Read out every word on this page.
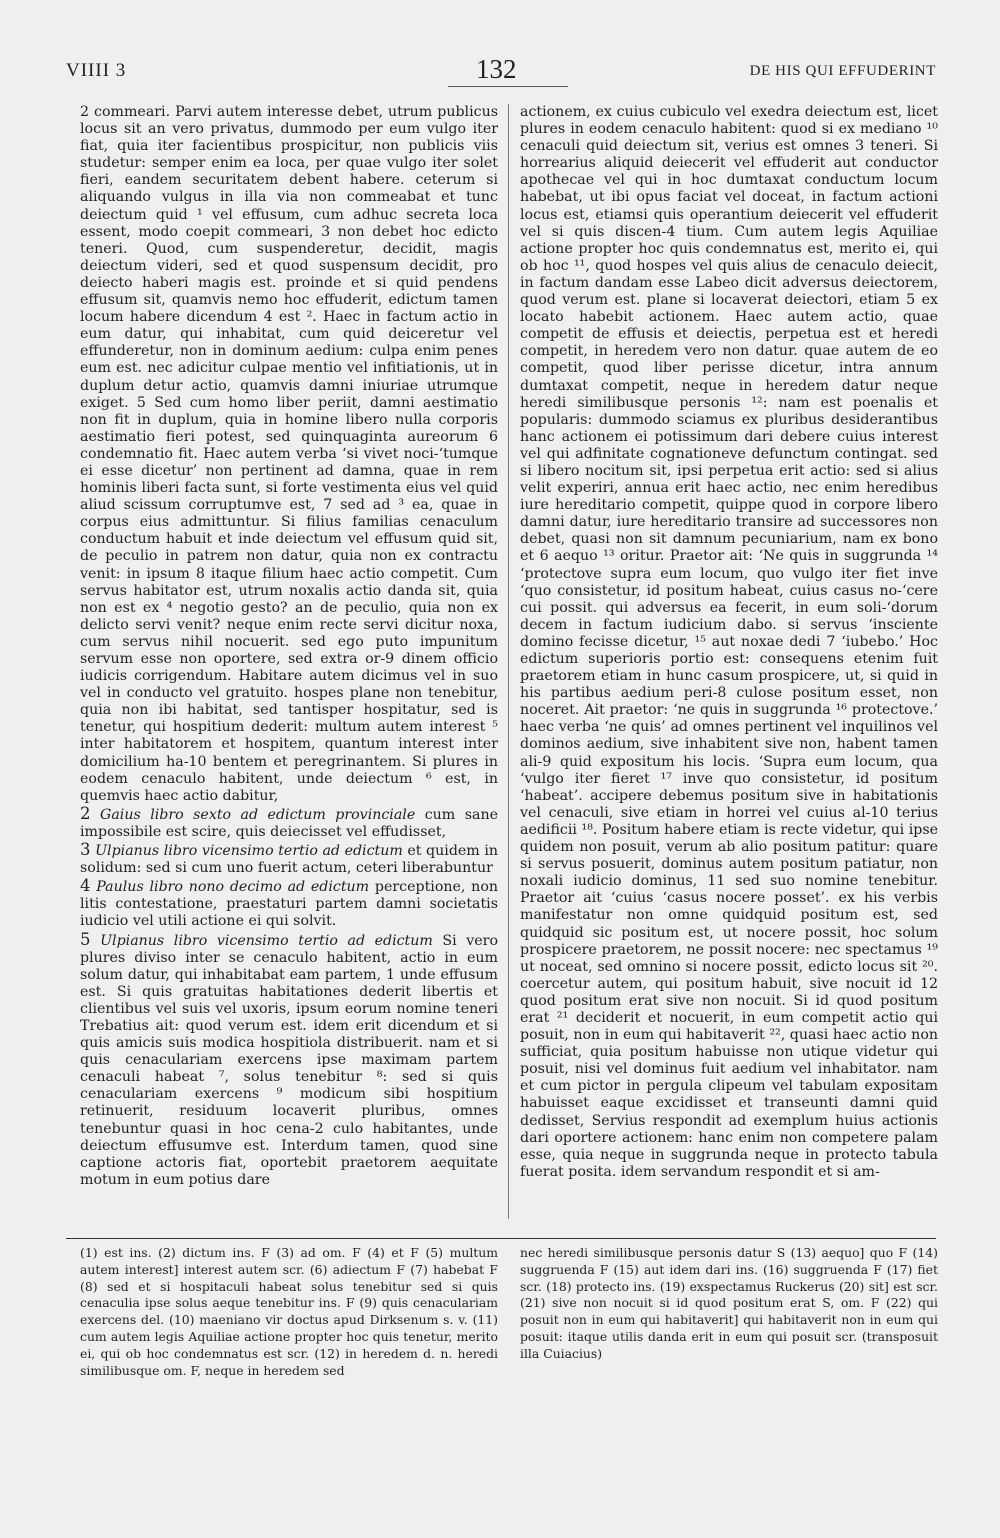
VIIII 3	132	DE HIS QUI EFFUDERINT

2 commeari. Parvi autem interesse debet, utrum publicus locus sit an vero privatus, dummodo per eum vulgo iter fiat, quia iter facientibus prospicitur, non publicis viis studetur: semper enim ea loca, per quae vulgo iter solet fieri, eandem securitatem debent habere. ceterum si aliquando vulgus in illa via non commeabat et tunc deiectum quid ¹ vel effusum, cum adhuc secreta loca essent, modo coepit commeari, 3 non debet hoc edicto teneri. Quod, cum suspenderetur, decidit, magis deiectum videri, sed et quod suspensum decidit, pro deiecto haberi magis est. proinde et si quid pendens effusum sit, quamvis nemo hoc effuderit, edictum tamen locum habere dicendum 4 est ². Haec in factum actio in eum datur, qui inhabitat, cum quid deiceretur vel effunderetur, non in dominum aedium: culpa enim penes eum est. nec adicitur culpae mentio vel infitiationis, ut in duplum detur actio, quamvis damni iniuriae utrumque exiget. 5 Sed cum homo liber periit, damni aestimatio non fit in duplum, quia in homine libero nulla corporis aestimatio fieri potest, sed quinquaginta aureorum 6 condemnatio fit. Haec autem verba ‘si vivet noci-‘tumque ei esse dicetur’ non pertinent ad damna, quae in rem hominis liberi facta sunt, si forte vestimenta eius vel quid aliud scissum corruptumve est, 7 sed ad ³ ea, quae in corpus eius admittuntur. Si filius familias cenaculum conductum habuit et inde deiectum vel effusum quid sit, de peculio in patrem non datur, quia non ex contractu venit: in ipsum 8 itaque filium haec actio competit. Cum servus habitator est, utrum noxalis actio danda sit, quia non est ex ⁴ negotio gesto? an de peculio, quia non ex delicto servi venit? neque enim recte servi dicitur noxa, cum servus nihil nocuerit. sed ego puto impunitum servum esse non oportere, sed extra or-9 dinem officio iudicis corrigendum. Habitare autem dicimus vel in suo vel in conducto vel gratuito. hospes plane non tenebitur, quia non ibi habitat, sed tantisper hospitatur, sed is tenetur, qui hospitium dederit: multum autem interest ⁵ inter habitatorem et hospitem, quantum interest inter domicilium ha-10 bentem et peregrinantem. Si plures in eodem cenaculo habitent, unde deiectum ⁶ est, in quemvis haec actio dabitur,

2 Gaius libro sexto ad edictum provinciale cum sane impossibile est scire, quis deiecisset vel effudisset,

3 Ulpianus libro vicensimo tertio ad edictum et quidem in solidum: sed si cum uno fuerit actum, ceteri liberabuntur

4 Paulus libro nono decimo ad edictum perceptione, non litis contestatione, praestaturi partem damni societatis iudicio vel utili actione ei qui solvit.

5 Ulpianus libro vicensimo tertio ad edictum Si vero plures diviso inter se cenaculo habitent, actio in eum solum datur, qui inhabitabat eam partem, 1 unde effusum est. Si quis gratuitas habitationes dederit libertis et clientibus vel suis vel uxoris, ipsum eorum nomine teneri Trebatius ait: quod verum est. idem erit dicendum et si quis amicis suis modica hospitiola distribuerit. nam et si quis cenaculariam exercens ipse maximam partem cenaculi habeat ⁷, solus tenebitur ⁸: sed si quis cenaculariam exercens ⁹ modicum sibi hospitium retinuerit, residuum locaverit pluribus, omnes tenebuntur quasi in hoc cena-2 culo habitantes, unde deiectum effusumve est. Interdum tamen, quod sine captione actoris fiat, oportebit praetorem aequitate motum in eum potius dare

actionem, ex cuius cubiculo vel exedra deiectum est, licet plures in eodem cenaculo habitent: quod si ex mediano ¹⁰ cenaculi quid deiectum sit, verius est omnes 3 teneri. Si horrearius aliquid deiecerit vel effuderit aut conductor apothecae vel qui in hoc dumtaxat conductum locum habebat, ut ibi opus faciat vel doceat, in factum actioni locus est, etiamsi quis operantium deiecerit vel effuderit vel si quis discen-4 tium. Cum autem legis Aquiliae actione propter hoc quis condemnatus est, merito ei, qui ob hoc ¹¹, quod hospes vel quis alius de cenaculo deiecit, in factum dandam esse Labeo dicit adversus deiectorem, quod verum est. plane si locaverat deiectori, etiam 5 ex locato habebit actionem. Haec autem actio, quae competit de effusis et deiectis, perpetua est et heredi competit, in heredem vero non datur. quae autem de eo competit, quod liber perisse dicetur, intra annum dumtaxat competit, neque in heredem datur neque heredi similibusque personis ¹²: nam est poenalis et popularis: dummodo sciamus ex pluribus desiderantibus hanc actionem ei potissimum dari debere cuius interest vel qui adfinitate cognationeve defunctum contingat. sed si libero nocitum sit, ipsi perpetua erit actio: sed si alius velit experiri, annua erit haec actio, nec enim heredibus iure hereditario competit, quippe quod in corpore libero damni datur, iure hereditario transire ad successores non debet, quasi non sit damnum pecuniarium, nam ex bono et 6 aequo ¹³ oritur. Praetor ait: ‘Ne quis in suggrunda ¹⁴ ‘protectove supra eum locum, quo vulgo iter fiet inve ‘quo consistetur, id positum habeat, cuius casus no-‘cere cui possit. qui adversus ea fecerit, in eum soli-‘dorum decem in factum iudicium dabo. si servus ‘insciente domino fecisse dicetur, ¹⁵ aut noxae dedi 7 ‘iubebo.’ Hoc edictum superioris portio est: consequens etenim fuit praetorem etiam in hunc casum prospicere, ut, si quid in his partibus aedium peri-8 culose positum esset, non noceret. Ait praetor: ‘ne quis in suggrunda ¹⁶ protectove.’ haec verba ‘ne quis’ ad omnes pertinent vel inquilinos vel dominos aedium, sive inhabitent sive non, habent tamen ali-9 quid expositum his locis. ‘Supra eum locum, qua ‘vulgo iter fieret ¹⁷ inve quo consistetur, id positum ‘habeat’. accipere debemus positum sive in habitationis vel cenaculi, sive etiam in horrei vel cuius al-10 terius aedificii ¹⁸. Positum habere etiam is recte videtur, qui ipse quidem non posuit, verum ab alio positum patitur: quare si servus posuerit, dominus autem positum patiatur, non noxali iudicio dominus, 11 sed suo nomine tenebitur. Praetor ait ‘cuius ‘casus nocere posset’. ex his verbis manifestatur non omne quidquid positum est, sed quidquid sic positum est, ut nocere possit, hoc solum prospicere praetorem, ne possit nocere: nec spectamus ¹⁹ ut noceat, sed omnino si nocere possit, edicto locus sit ²⁰. coercetur autem, qui positum habuit, sive nocuit id 12 quod positum erat sive non nocuit. Si id quod positum erat ²¹ deciderit et nocuerit, in eum competit actio qui posuit, non in eum qui habitaverit ²², quasi haec actio non sufficiat, quia positum habuisse non utique videtur qui posuit, nisi vel dominus fuit aedium vel inhabitator. nam et cum pictor in pergula clipeum vel tabulam expositam habuisset eaque excidisset et transeunti damni quid dedisset, Servius respondit ad exemplum huius actionis dari oportere actionem: hanc enim non competere palam esse, quia neque in suggrunda neque in protecto tabula fuerat posita. idem servandum respondit et si am-

(1) est ins. (2) dictum ins. F (3) ad om. F (4) et F (5) multum autem interest] interest autem scr. (6) adiectum F (7) habebat F (8) sed et si hospitaculi habeat solus tenebitur sed si quis cenaculia ipse solus aeque tenebitur ins. F (9) quis cenaculariam exercens del. (10) maeniano vir doctus apud Dirksenum s. v. (11) cum autem legis Aquiliae actione propter hoc quis tenetur, merito ei, qui ob hoc condemnatus est scr. (12) in heredem d. n. heredi similibusque om. F, neque in heredem sed

nec heredi similibusque personis datur S (13) aequo] quo F (14) suggruenda F (15) aut idem dari ins. (16) suggruenda F (17) fiet scr. (18) protecto ins. (19) exspectamus Ruckerus (20) sit] est scr. (21) sive non nocuit si id quod positum erat S, om. F (22) qui posuit non in eum qui habitaverit] qui habitaverit non in eum qui posuit: itaque utilis danda erit in eum qui posuit scr. (transposuit illa Cuiacius)
